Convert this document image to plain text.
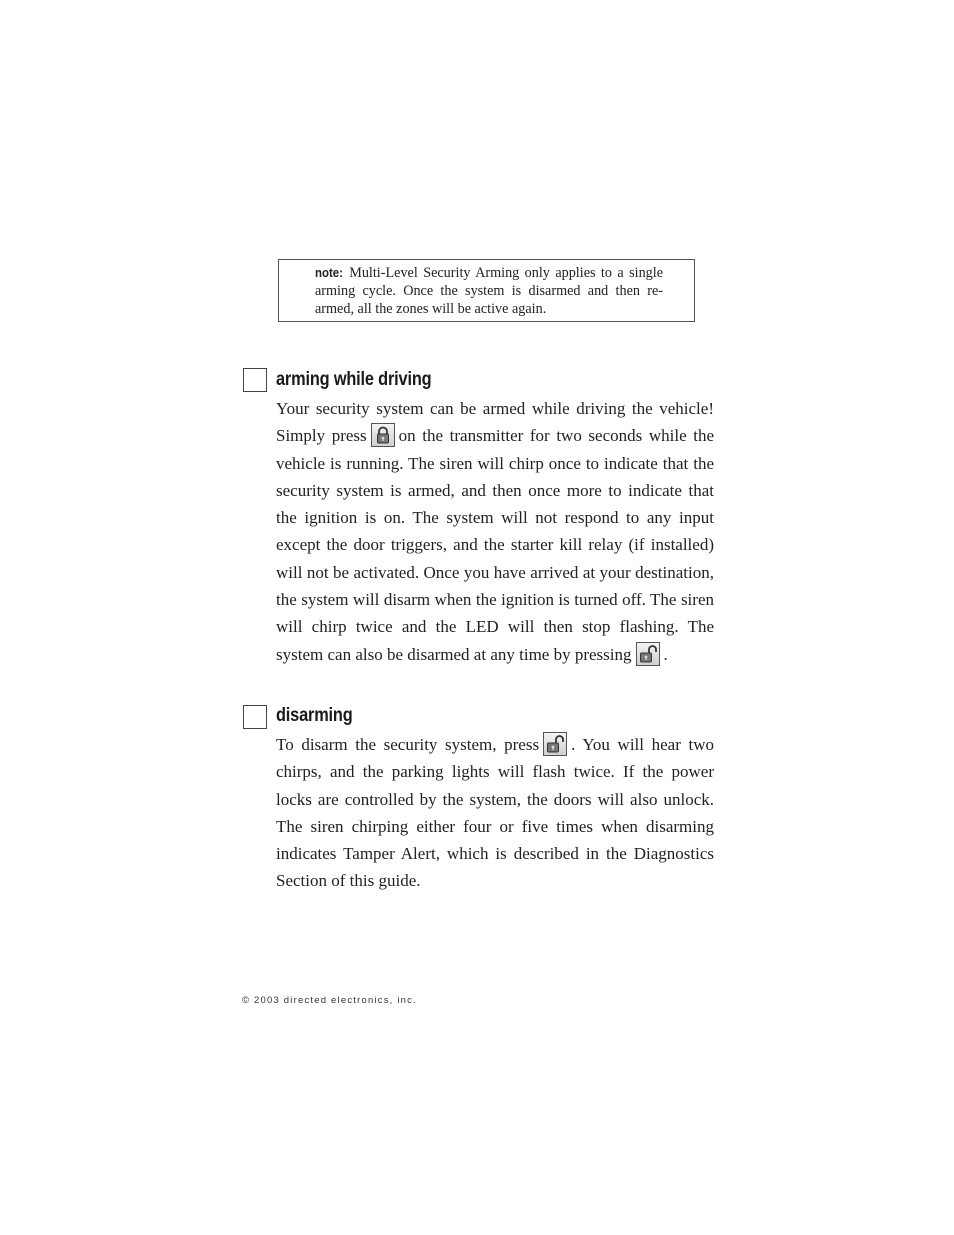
note: Multi-Level Security Arming only applies to a single arming cycle. Once the system is disarmed and then re-armed, all the zones will be active again.
arming while driving
Your security system can be armed while driving the vehicle! Simply press on the transmitter for two seconds while the vehicle is running. The siren will chirp once to indicate that the security system is armed, and then once more to indicate that the ignition is on. The system will not respond to any input except the door triggers, and the starter kill relay (if installed) will not be activated. Once you have arrived at your destination, the system will disarm when the ignition is turned off. The siren will chirp twice and the LED will then stop flashing. The system can also be disarmed at any time by pressing .
disarming
To disarm the security system, press . You will hear two chirps, and the parking lights will flash twice. If the power locks are controlled by the system, the doors will also unlock. The siren chirping either four or five times when disarming indicates Tamper Alert, which is described in the Diagnostics Section of this guide.
© 2003 directed electronics, inc.
